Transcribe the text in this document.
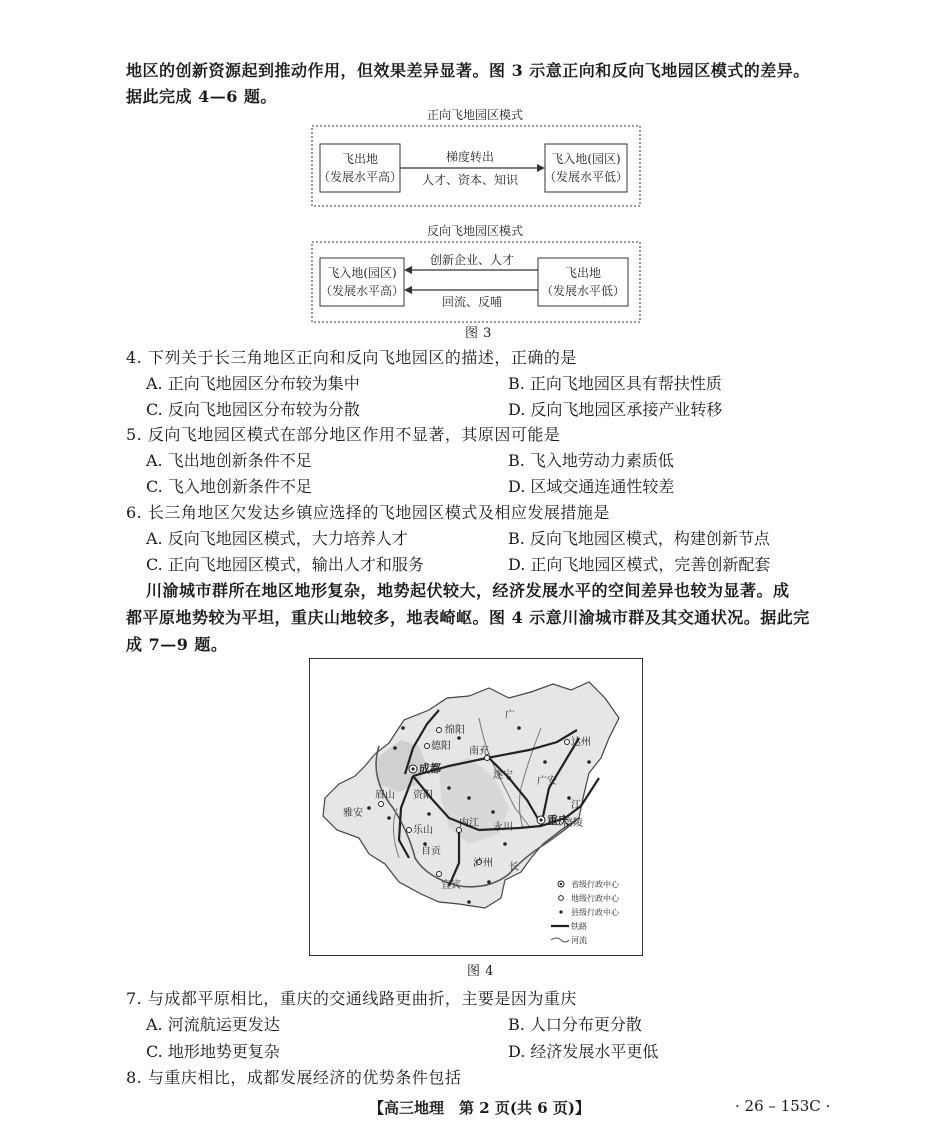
地区的创新资源起到推动作用，但效果差异显著。图 3 示意正向和反向飞地园区模式的差异。
据此完成 4—6 题。
正向飞地园区模式
飞出地
（发展水平高）
梯度转出
人才、资本、知识
飞入地(园区)
（发展水平低）
反向飞地园区模式
飞入地(园区)
（发展水平高）
创新企业、人才
回流、反哺
飞出地
（发展水平低）
图 3
4. 下列关于长三角地区正向和反向飞地园区的描述，正确的是
A. 正向飞地园区分布较为集中	B. 正向飞地园区具有帮扶性质
C. 反向飞地园区分布较为分散	D. 反向飞地园区承接产业转移
5. 反向飞地园区模式在部分地区作用不显著，其原因可能是
A. 飞出地创新条件不足	B. 飞入地劳动力素质低
C. 飞入地创新条件不足	D. 区域交通连通性较差
6. 长三角地区欠发达乡镇应选择的飞地园区模式及相应发展措施是
A. 反向飞地园区模式，大力培养人才	B. 反向飞地园区模式，构建创新节点
C. 正向飞地园区模式，输出人才和服务	D. 正向飞地园区模式，完善创新配套
川渝城市群所在地区地形复杂，地势起伏较大，经济发展水平的空间差异也较为显著。成
都平原地势较为平坦，重庆山地较多，地表崎岖。图 4 示意川渝城市群及其交通状况。据此完
成 7—9 题。
绵阳
德阳
成都
广
南充
达州
遂宁
广安
眉山 资阳
雅安
乐山
内江 永川
重庆
自贡
泸州
宜宾
涪陵
长
江
省级行政中心
地级行政中心
县级行政中心
铁路
河流
图 4
7. 与成都平原相比，重庆的交通线路更曲折，主要是因为重庆
A. 河流航运更发达	B. 人口分布更分散
C. 地形地势更复杂	D. 经济发展水平更低
8. 与重庆相比，成都发展经济的优势条件包括
【高三地理　第 2 页(共 6 页)】	· 26 – 153C ·
